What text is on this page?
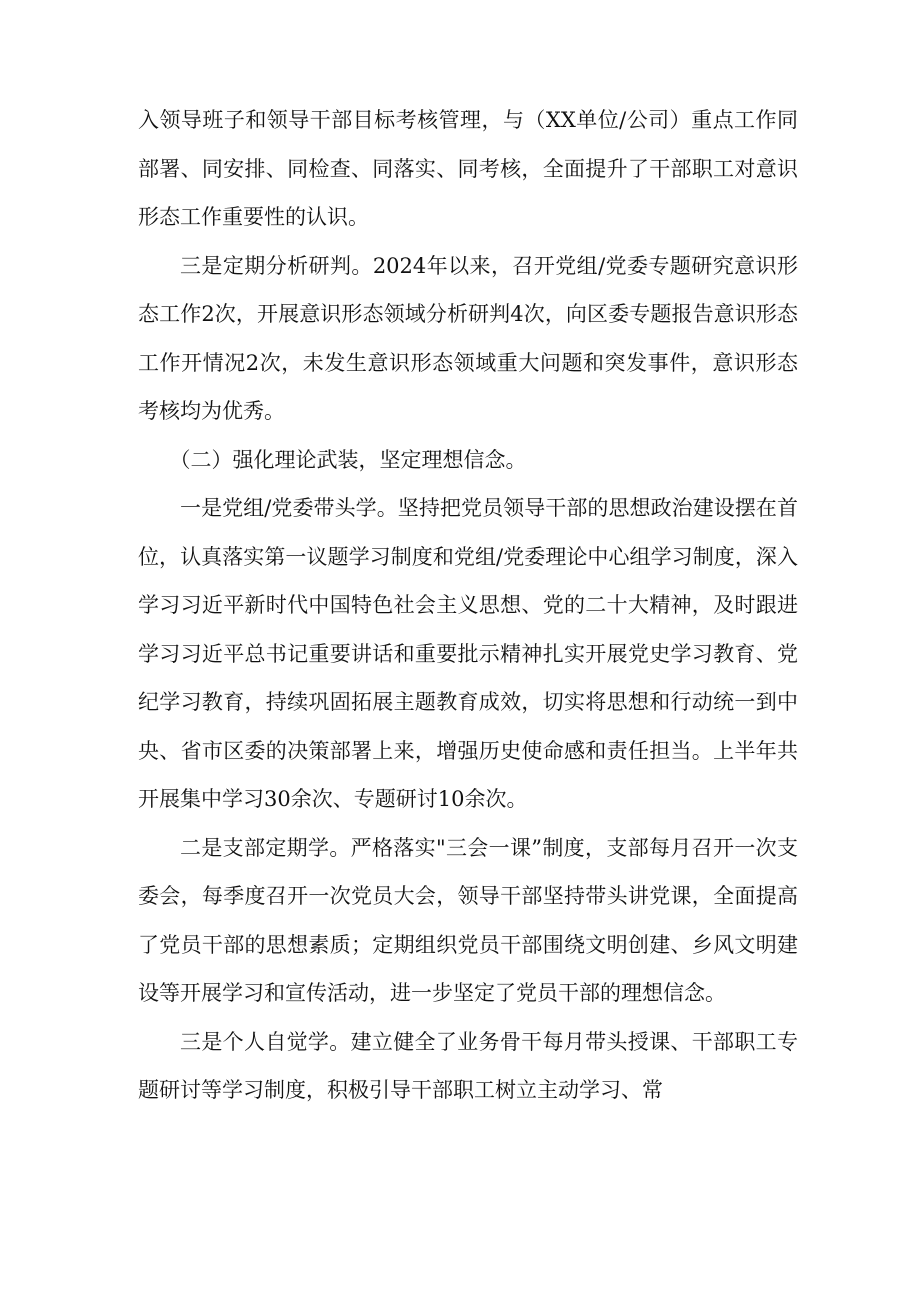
入领导班子和领导干部目标考核管理，与（XX单位/公司）重点工作同部署、同安排、同检查、同落实、同考核，全面提升了干部职工对意识形态工作重要性的认识。

三是定期分析研判。2024年以来，召开党组/党委专题研究意识形态工作2次，开展意识形态领域分析研判4次，向区委专题报告意识形态工作开情况2次，未发生意识形态领域重大问题和突发事件，意识形态考核均为优秀。

（二）强化理论武装，坚定理想信念。

一是党组/党委带头学。坚持把党员领导干部的思想政治建设摆在首位，认真落实第一议题学习制度和党组/党委理论中心组学习制度，深入学习习近平新时代中国特色社会主义思想、党的二十大精神，及时跟进学习习近平总书记重要讲话和重要批示精神扎实开展党史学习教育、党纪学习教育，持续巩固拓展主题教育成效，切实将思想和行动统一到中央、省市区委的决策部署上来，增强历史使命感和责任担当。上半年共开展集中学习30余次、专题研讨10余次。

二是支部定期学。严格落实"三会一课”制度，支部每月召开一次支委会，每季度召开一次党员大会，领导干部坚持带头讲党课，全面提高了党员干部的思想素质；定期组织党员干部围绕文明创建、乡风文明建设等开展学习和宣传活动，进一步坚定了党员干部的理想信念。

三是个人自觉学。建立健全了业务骨干每月带头授课、干部职工专题研讨等学习制度，积极引导干部职工树立主动学习、常
